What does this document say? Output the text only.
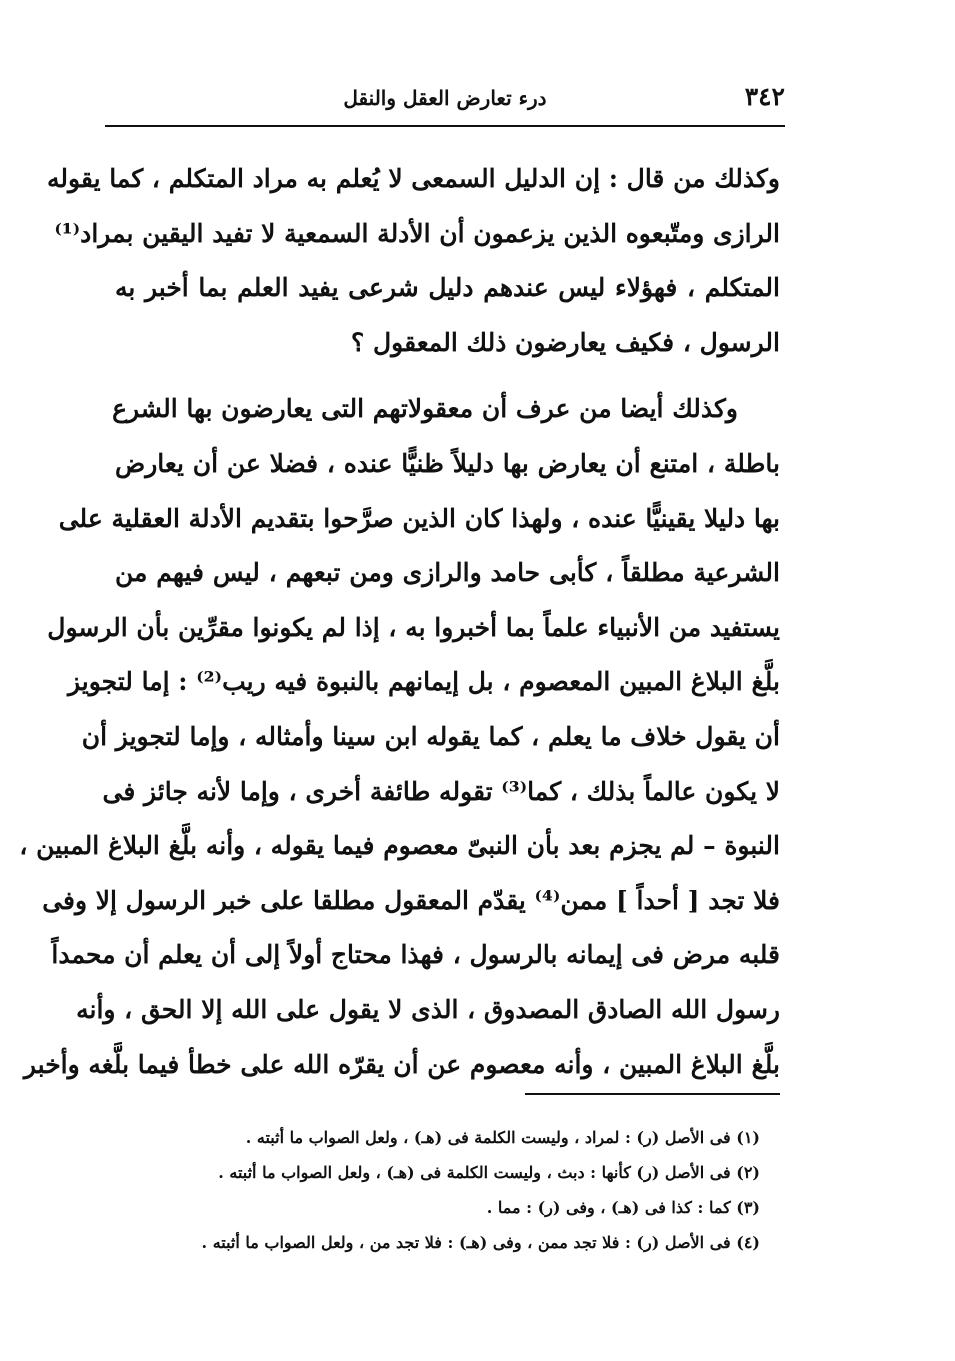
٣٤٢
درء تعارض العقل والنقل

وكذلك من قال : إن الدليل السمعى لا يُعلم به مراد المتكلم ، كما يقوله
الرازى ومتّبعوه الذين يزعمون أن الأدلة السمعية لا تفيد اليقين بمراد⁽¹⁾
المتكلم ، فهؤلاء ليس عندهم دليل شرعى يفيد العلم بما أخبر به
الرسول ، فكيف يعارضون ذلك المعقول ؟

وكذلك أيضا من عرف أن معقولاتهم التى يعارضون بها الشرع
باطلة ، امتنع أن يعارض بها دليلاً ظنيًّا عنده ، فضلا عن أن يعارض
بها دليلا يقينيًّا عنده ، ولهذا كان الذين صرَّحوا بتقديم الأدلة العقلية على
الشرعية مطلقاً ، كأبى حامد والرازى ومن تبعهم ، ليس فيهم من
يستفيد من الأنبياء علماً بما أخبروا به ، إذا لم يكونوا مقرِّين بأن الرسول
بلَّغ البلاغ المبين المعصوم ، بل إيمانهم بالنبوة فيه ريب⁽²⁾ : إما لتجويز
أن يقول خلاف ما يعلم ، كما يقوله ابن سينا وأمثاله ، وإما لتجويز أن
لا يكون عالماً بذلك ، كما⁽³⁾ تقوله طائفة أخرى ، وإما لأنه جائز فى
النبوة – لم يجزم بعد بأن النبىّ معصوم فيما يقوله ، وأنه بلَّغ البلاغ المبين ،
فلا تجد [ أحداً ] ممن⁽⁴⁾ يقدّم المعقول مطلقا على خبر الرسول إلا وفى
قلبه مرض فى إيمانه بالرسول ، فهذا محتاج أولاً إلى أن يعلم أن محمداً
رسول الله الصادق المصدوق ، الذى لا يقول على الله إلا الحق ، وأنه
بلَّغ البلاغ المبين ، وأنه معصوم عن أن يقرّه الله على خطأ فيما بلَّغه وأخبر

(١) فى الأصل (ر) : لمراد ، وليست الكلمة فى (هـ) ، ولعل الصواب ما أثبته .
(٢) فى الأصل (ر) كأنها : دبث ، وليست الكلمة فى (هـ) ، ولعل الصواب ما أثبته .
(٣) كما : كذا فى (هـ) ، وفى (ر) : مما .
(٤) فى الأصل (ر) : فلا تجد ممن ، وفى (هـ) : فلا تجد من ، ولعل الصواب ما أثبته .
